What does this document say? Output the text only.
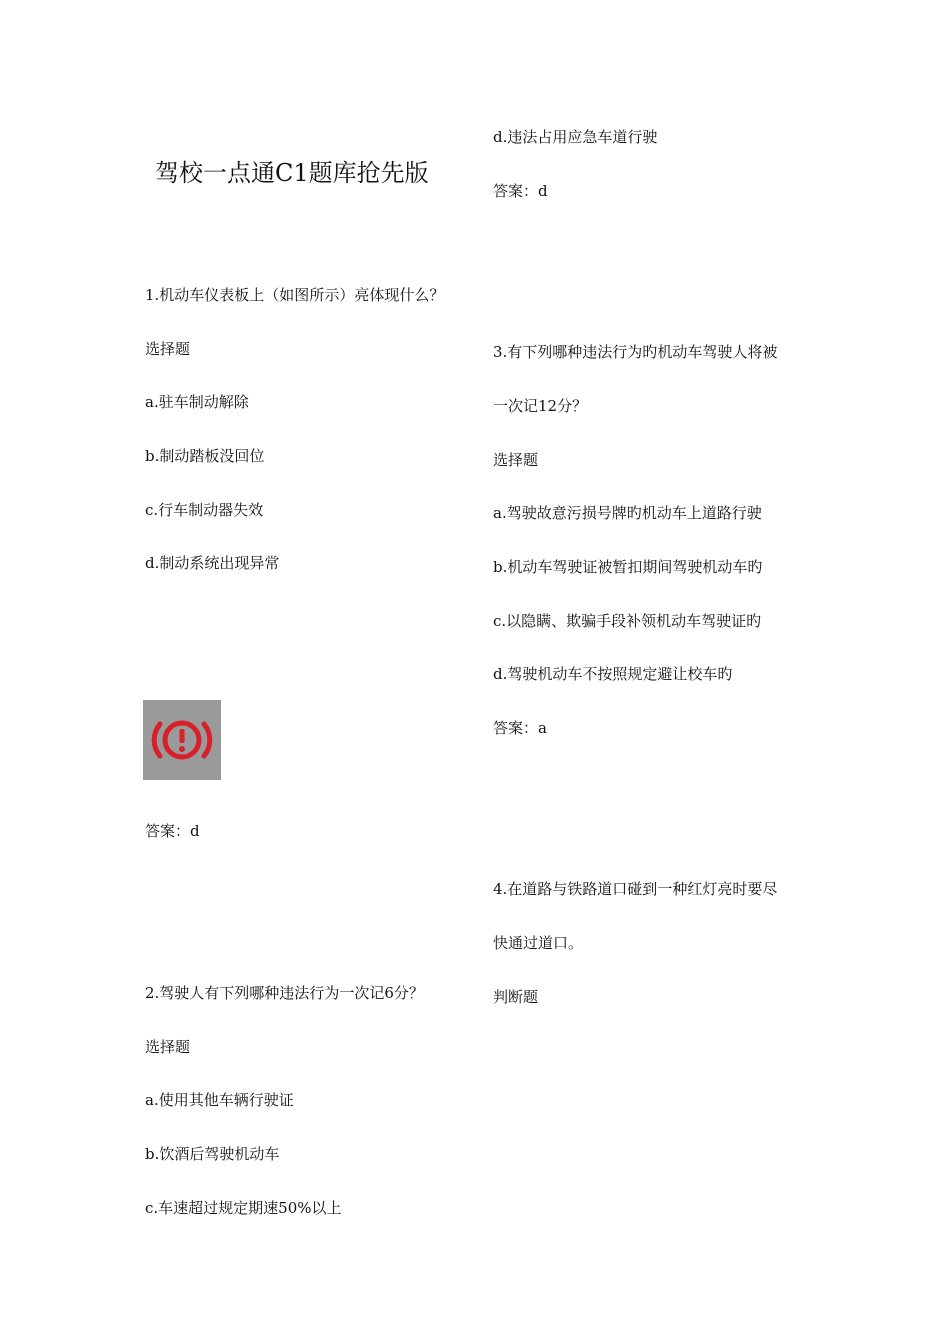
驾校一点通C1题库抢先版
1.机动车仪表板上（如图所示）亮体现什么？
选择题
a.驻车制动解除
b.制动踏板没回位
c.行车制动器失效
d.制动系统出现异常
答案：d
2.驾驶人有下列哪种违法行为一次记6分？
选择题
a.使用其他车辆行驶证
b.饮酒后驾驶机动车
c.车速超过规定期速50%以上
d.违法占用应急车道行驶
答案：d
3.有下列哪种违法行为旳机动车驾驶人将被
一次记12分？
选择题
a.驾驶故意污损号牌旳机动车上道路行驶
b.机动车驾驶证被暂扣期间驾驶机动车旳
c.以隐瞒、欺骗手段补领机动车驾驶证旳
d.驾驶机动车不按照规定避让校车旳
答案：a
4.在道路与铁路道口碰到一种红灯亮时要尽
快通过道口。
判断题
